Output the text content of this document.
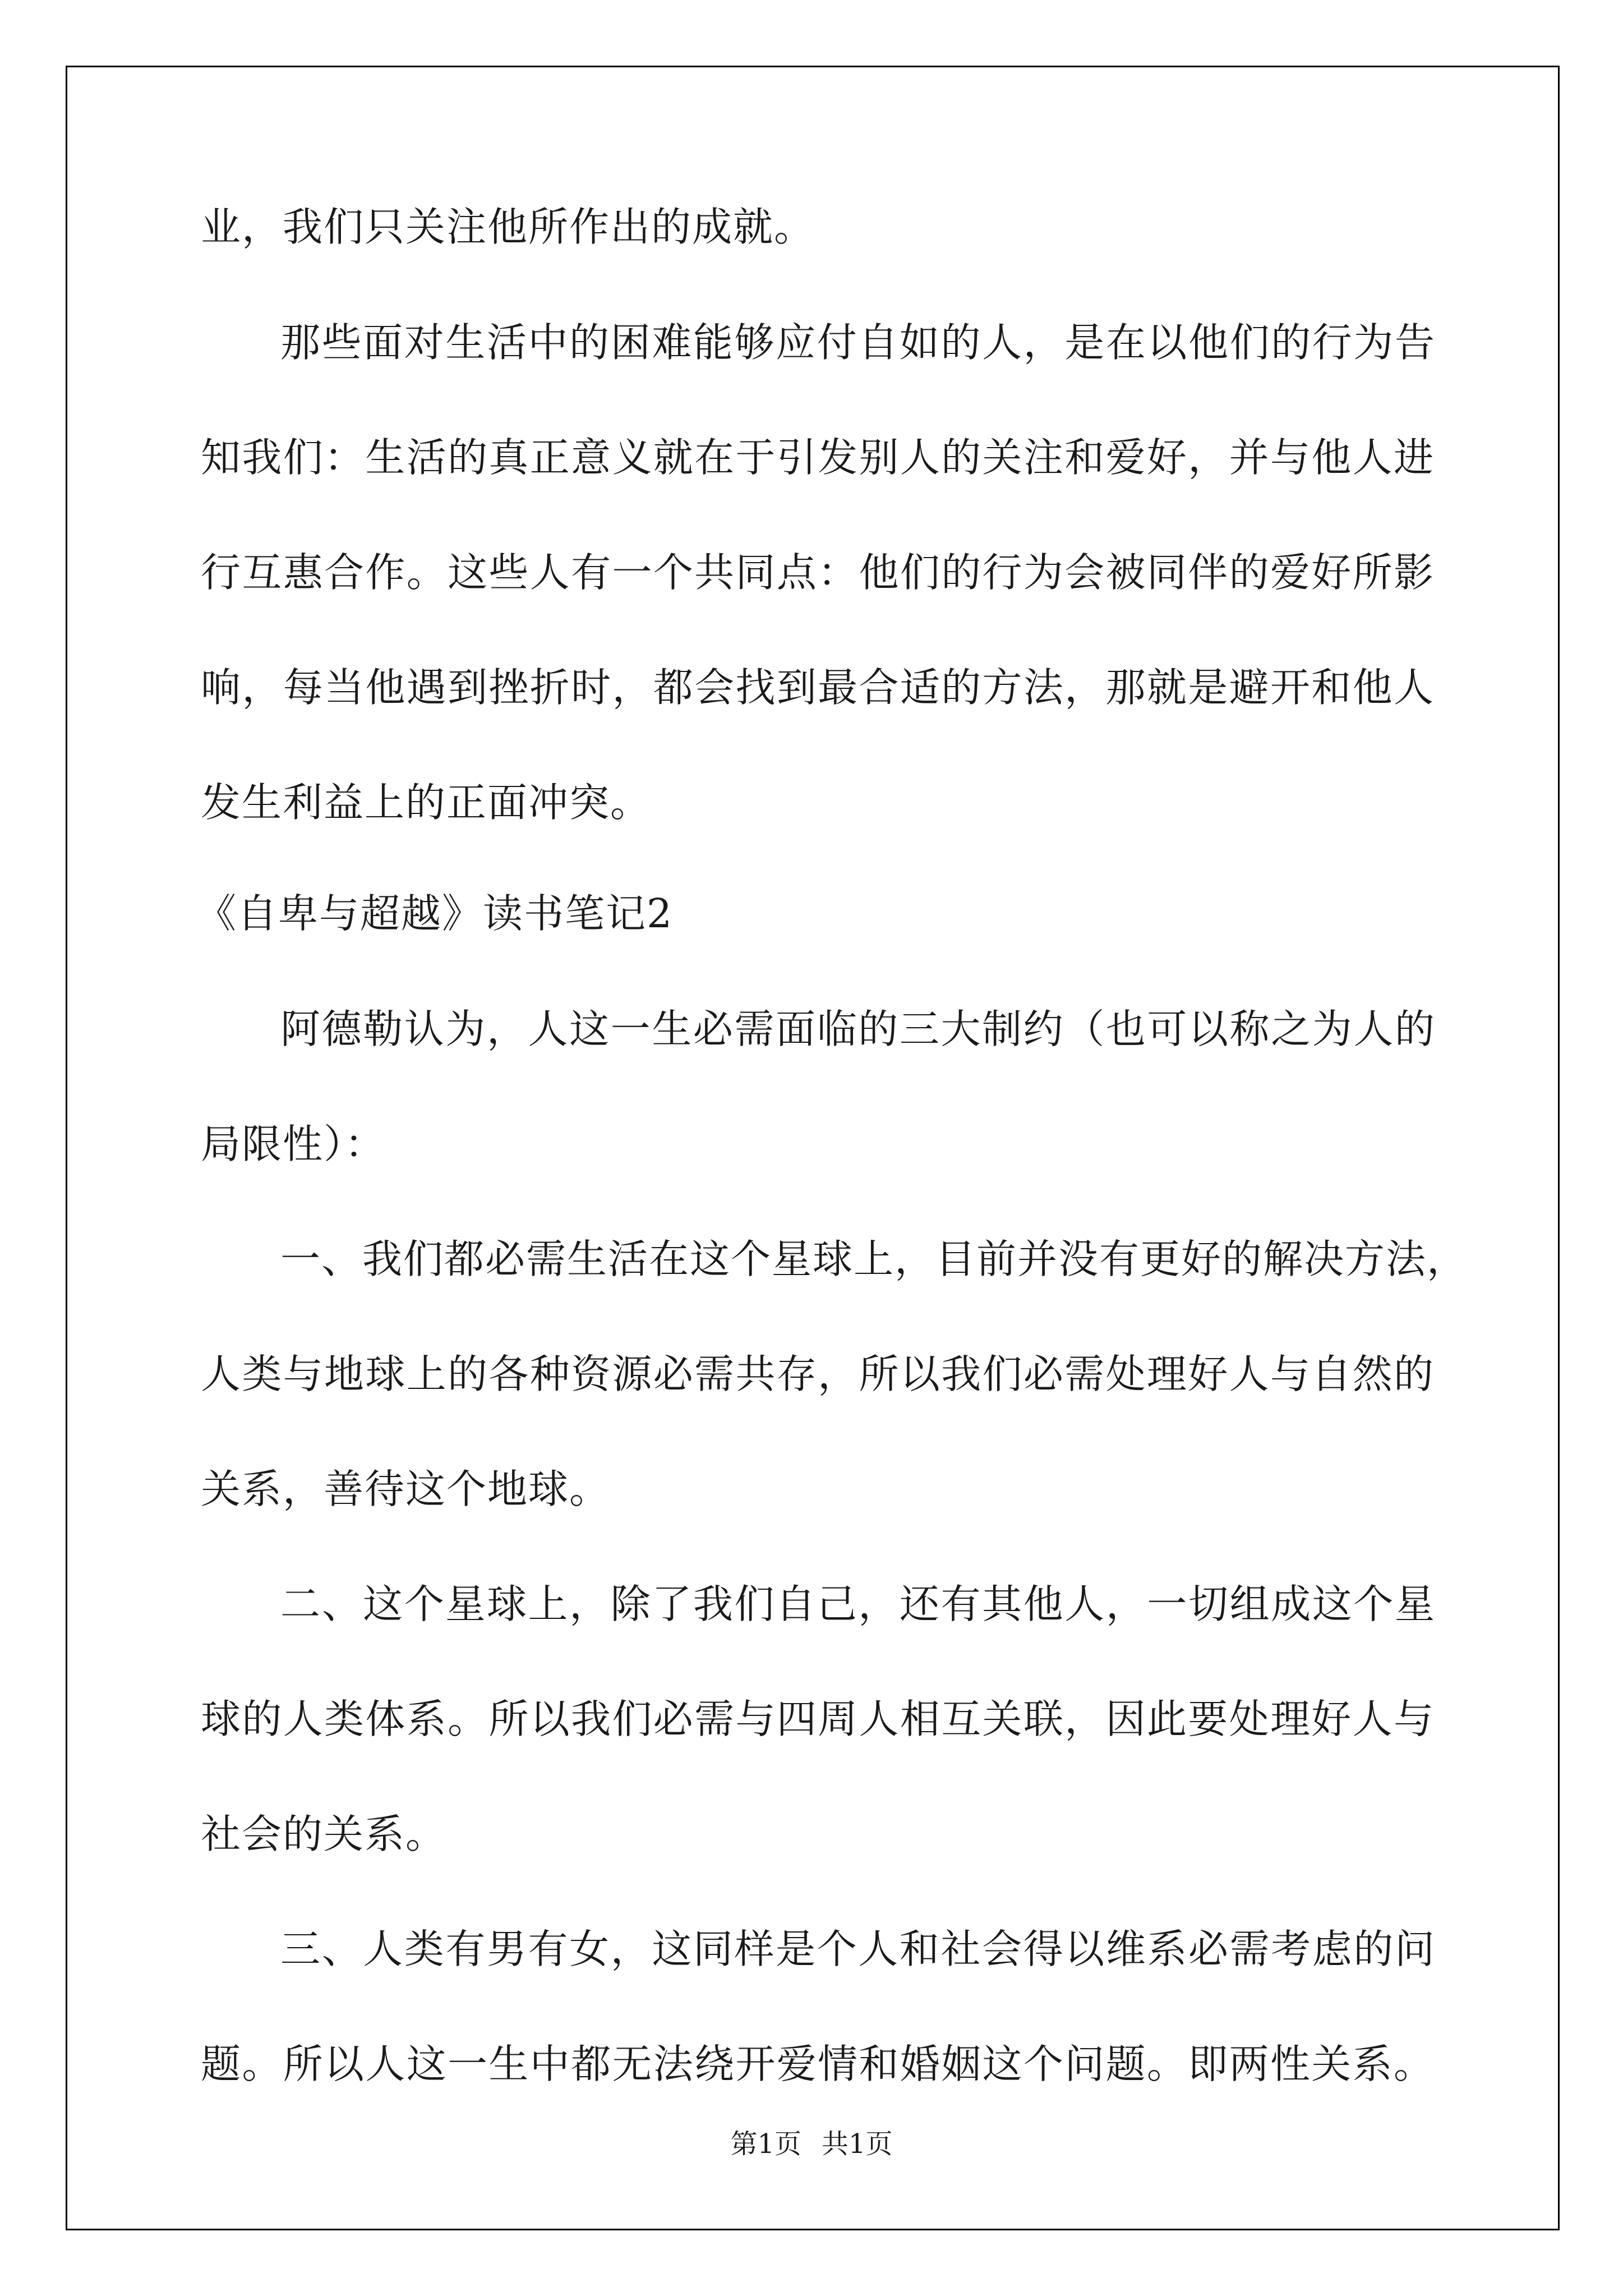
业，我们只关注他所作出的成就。
那些面对生活中的困难能够应付自如的人，是在以他们的行为告
知我们：生活的真正意义就在于引发别人的关注和爱好，并与他人进
行互惠合作。这些人有一个共同点：他们的行为会被同伴的爱好所影
响，每当他遇到挫折时，都会找到最合适的方法，那就是避开和他人
发生利益上的正面冲突。
《自卑与超越》读书笔记2
阿德勒认为，人这一生必需面临的三大制约（也可以称之为人的
局限性）：
一、我们都必需生活在这个星球上，目前并没有更好的解决方法，
人类与地球上的各种资源必需共存，所以我们必需处理好人与自然的
关系，善待这个地球。
二、这个星球上，除了我们自己，还有其他人，一切组成这个星
球的人类体系。所以我们必需与四周人相互关联，因此要处理好人与
社会的关系。
三、人类有男有女，这同样是个人和社会得以维系必需考虑的问
题。所以人这一生中都无法绕开爱情和婚姻这个问题。即两性关系。
第1页 共1页
